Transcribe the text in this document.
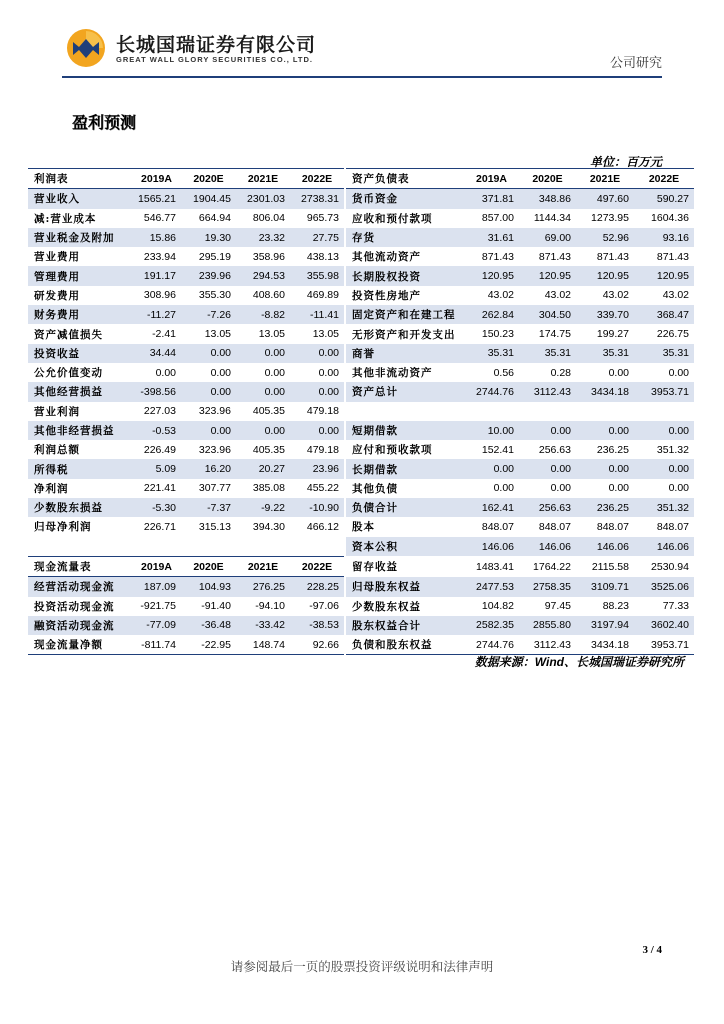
长城国瑞证券有限公司
GREAT WALL GLORY SECURITIES CO., LTD.	公司研究
盈利预测
单位：百万元
利润表	2019A	2020E	2021E	2022E		资产负债表	2019A	2020E	2021E	2022E
营业收入	1565.21	1904.45	2301.03	2738.31		货币资金	371.81	348.86	497.60	590.27
减:营业成本	546.77	664.94	806.04	965.73		应收和预付款项	857.00	1144.34	1273.95	1604.36
营业税金及附加	15.86	19.30	23.32	27.75		存货	31.61	69.00	52.96	93.16
营业费用	233.94	295.19	358.96	438.13		其他流动资产	871.43	871.43	871.43	871.43
管理费用	191.17	239.96	294.53	355.98		长期股权投资	120.95	120.95	120.95	120.95
研发费用	308.96	355.30	408.60	469.89		投资性房地产	43.02	43.02	43.02	43.02
财务费用	-11.27	-7.26	-8.82	-11.41		固定资产和在建工程	262.84	304.50	339.70	368.47
资产减值损失	-2.41	13.05	13.05	13.05		无形资产和开发支出	150.23	174.75	199.27	226.75
投资收益	34.44	0.00	0.00	0.00		商誉	35.31	35.31	35.31	35.31
公允价值变动	0.00	0.00	0.00	0.00		其他非流动资产	0.56	0.28	0.00	0.00
其他经营损益	-398.56	0.00	0.00	0.00		资产总计	2744.76	3112.43	3434.18	3953.71
营业利润	227.03	323.96	405.35	479.18						
其他非经营损益	-0.53	0.00	0.00	0.00		短期借款	10.00	0.00	0.00	0.00
利润总额	226.49	323.96	405.35	479.18		应付和预收款项	152.41	256.63	236.25	351.32
所得税	5.09	16.20	20.27	23.96		长期借款	0.00	0.00	0.00	0.00
净利润	221.41	307.77	385.08	455.22		其他负债	0.00	0.00	0.00	0.00
少数股东损益	-5.30	-7.37	-9.22	-10.90		负债合计	162.41	256.63	236.25	351.32
归母净利润	226.71	315.13	394.30	466.12		股本	848.07	848.07	848.07	848.07
						资本公积	146.06	146.06	146.06	146.06
现金流量表	2019A	2020E	2021E	2022E		留存收益	1483.41	1764.22	2115.58	2530.94
经营活动现金流	187.09	104.93	276.25	228.25		归母股东权益	2477.53	2758.35	3109.71	3525.06
投资活动现金流	-921.75	-91.40	-94.10	-97.06		少数股东权益	104.82	97.45	88.23	77.33
融资活动现金流	-77.09	-36.48	-33.42	-38.53		股东权益合计	2582.35	2855.80	3197.94	3602.40
现金流量净额	-811.74	-22.95	148.74	92.66		负债和股东权益	2744.76	3112.43	3434.18	3953.71
数据来源：Wind、长城国瑞证券研究所
3 / 4
请参阅最后一页的股票投资评级说明和法律声明
